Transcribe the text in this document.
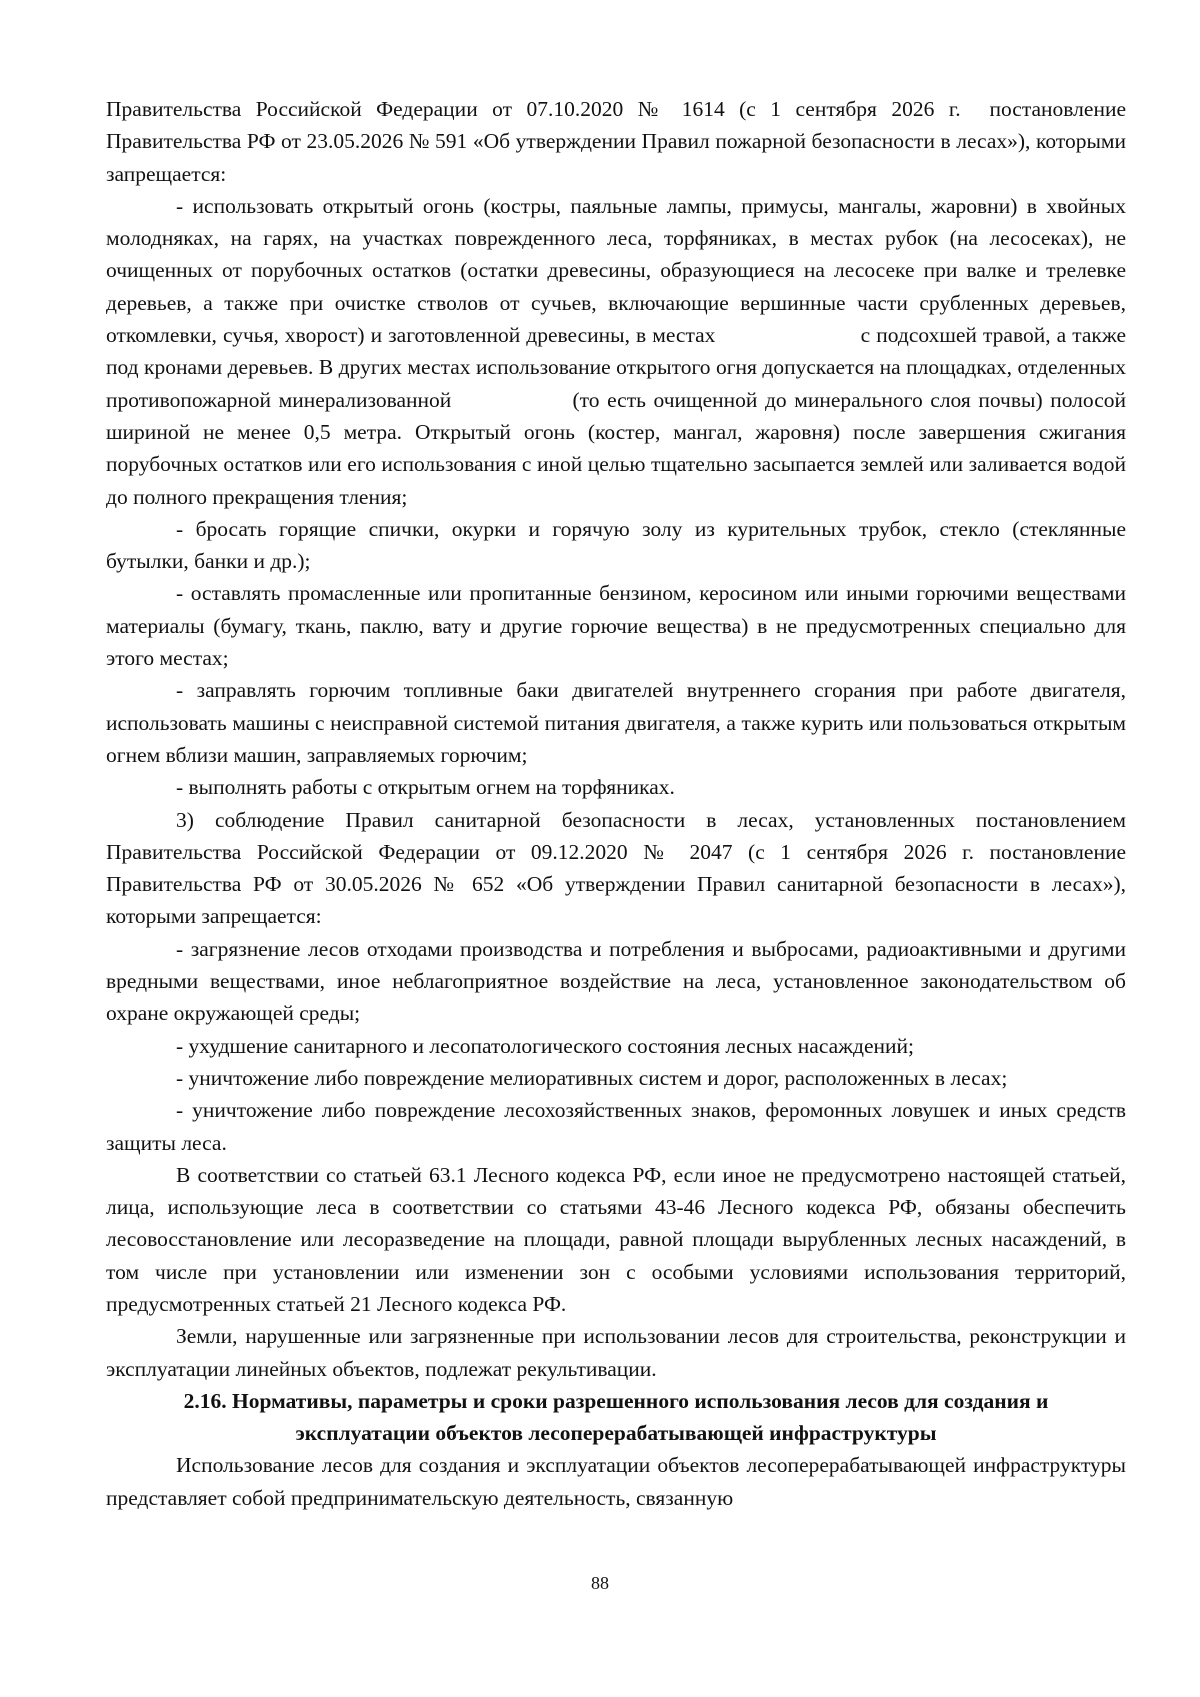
Правительства Российской Федерации от 07.10.2020 № 1614 (с 1 сентября 2026 г.  постановление Правительства РФ от 23.05.2026 № 591 «Об утверждении Правил пожарной безопасности в лесах»), которыми запрещается:

- использовать открытый огонь (костры, паяльные лампы, примусы, мангалы, жаровни) в хвойных молодняках, на гарях, на участках поврежденного леса, торфяниках, в местах рубок (на лесосеках), не очищенных от порубочных остатков (остатки древесины, образующиеся на лесосеке при валке и трелевке деревьев, а также при очистке стволов от сучьев, включающие вершинные части срубленных деревьев, откомлевки, сучья, хворост) и заготовленной древесины, в местах                        с подсохшей травой, а также под кронами деревьев. В других местах использование открытого огня допускается на площадках, отделенных противопожарной минерализованной                (то есть очищенной до минерального слоя почвы) полосой шириной не менее 0,5 метра. Открытый огонь (костер, мангал, жаровня) после завершения сжигания порубочных остатков или его использования с иной целью тщательно засыпается землей или заливается водой до полного прекращения тления;

- бросать горящие спички, окурки и горячую золу из курительных трубок, стекло (стеклянные бутылки, банки и др.);

- оставлять промасленные или пропитанные бензином, керосином или иными горючими веществами материалы (бумагу, ткань, паклю, вату и другие горючие вещества) в не предусмотренных специально для этого местах;

- заправлять горючим топливные баки двигателей внутреннего сгорания при работе двигателя, использовать машины с неисправной системой питания двигателя, а также курить или пользоваться открытым огнем вблизи машин, заправляемых горючим;

- выполнять работы с открытым огнем на торфяниках.

3) соблюдение Правил санитарной безопасности в лесах, установленных постановлением Правительства Российской Федерации от 09.12.2020 № 2047 (с 1 сентября 2026 г. постановление Правительства РФ от 30.05.2026 № 652 «Об утверждении Правил санитарной безопасности в лесах»), которыми запрещается:

- загрязнение лесов отходами производства и потребления и выбросами, радиоактивными и другими вредными веществами, иное неблагоприятное воздействие на леса, установленное законодательством об охране окружающей среды;

- ухудшение санитарного и лесопатологического состояния лесных насаждений;

- уничтожение либо повреждение мелиоративных систем и дорог, расположенных в лесах;

- уничтожение либо повреждение лесохозяйственных знаков, феромонных ловушек и иных средств защиты леса.

В соответствии со статьей 63.1 Лесного кодекса РФ, если иное не предусмотрено настоящей статьей, лица, использующие леса в соответствии со статьями 43-46 Лесного кодекса РФ, обязаны обеспечить лесовосстановление или лесоразведение на площади, равной площади вырубленных лесных насаждений, в том числе при установлении или изменении зон с особыми условиями использования территорий, предусмотренных статьей 21 Лесного кодекса РФ.

Земли, нарушенные или загрязненные при использовании лесов для строительства, реконструкции и эксплуатации линейных объектов, подлежат рекультивации.

2.16. Нормативы, параметры и сроки разрешенного использования лесов для создания и эксплуатации объектов лесоперерабатывающей инфраструктуры

Использование лесов для создания и эксплуатации объектов лесоперерабатывающей инфраструктуры представляет собой предпринимательскую деятельность, связанную

88
